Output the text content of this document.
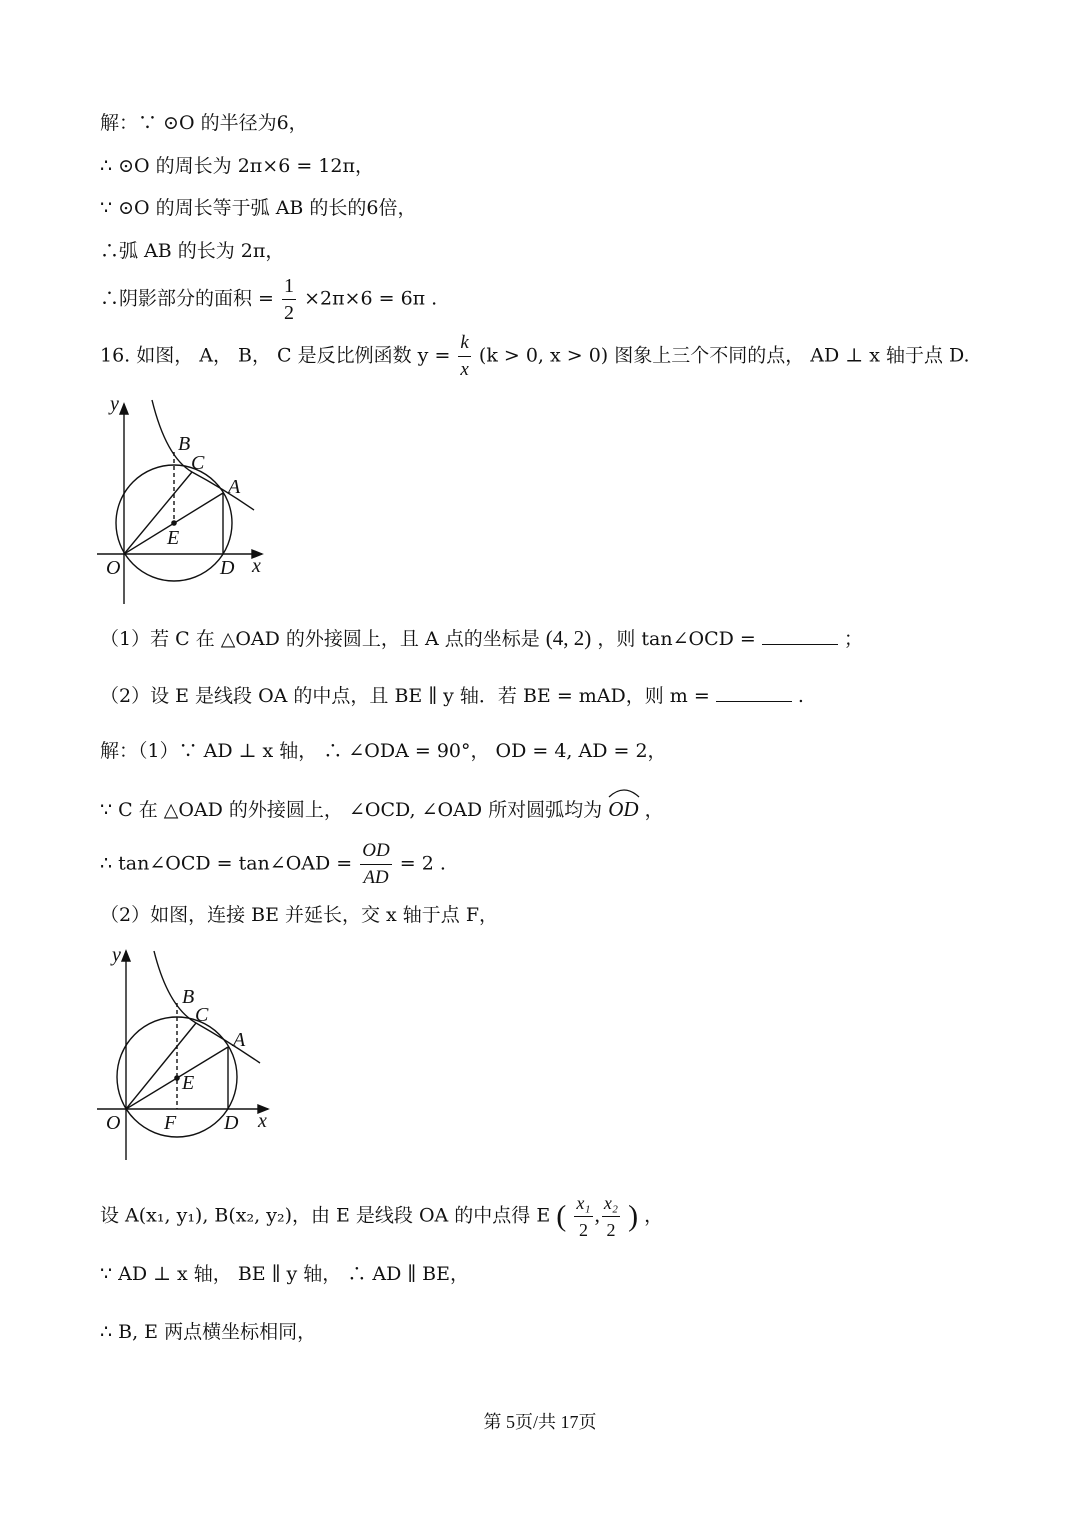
解：∵ ⊙O 的半径为6，
∴ ⊙O 的周长为 2π×6 = 12π，
∵ ⊙O 的周长等于弧 AB 的长的6倍，
∴弧 AB 的长为 2π，
∴阴影部分的面积 = $\frac{1}{2} \times 2\pi\times 6 = 6\pi$ .
16. 如图， A， B， C 是反比例函数 $y = \frac{k}{x} (k > 0$, x > 0) 图象上三个不同的点， AD ⊥ x 轴于点 D.
y
x
O	D
A
B
C
E
（1）若 C 在 △OAD 的外接圆上，且 A 点的坐标是 (4, 2) ，则 tan∠OCD =	；
（2）设 E 是线段 OA 的中点，且 BE ∥ y 轴．若 BE = mAD，则 m =	.
解：（1）∵ AD ⊥ x 轴， ∴ ∠ODA = 90°， OD = 4, AD = 2，
∵ C 在 △OAD 的外接圆上， ∠OCD, ∠OAD 所对圆弧均为 OD ，
∴ tan∠OCD = tan∠OAD = $\frac{OD}{AD} = 2$ .
（2）如图，连接 BE 并延长，交 x 轴于点 F，
y
x
O	D
F
A
B
C
E
设 A(x₁, y₁), B(x₂, y₂)，由 E 是线段 OA 的中点得 E ( $\frac{\text{x₁}}{2}$ , $\frac{\text{x₂}}{2}$ ) ，
∵ AD ⊥ x 轴， BE ∥ y 轴， ∴ AD ∥ BE，
∴ B, E 两点横坐标相同，
第 5页/共 17页
